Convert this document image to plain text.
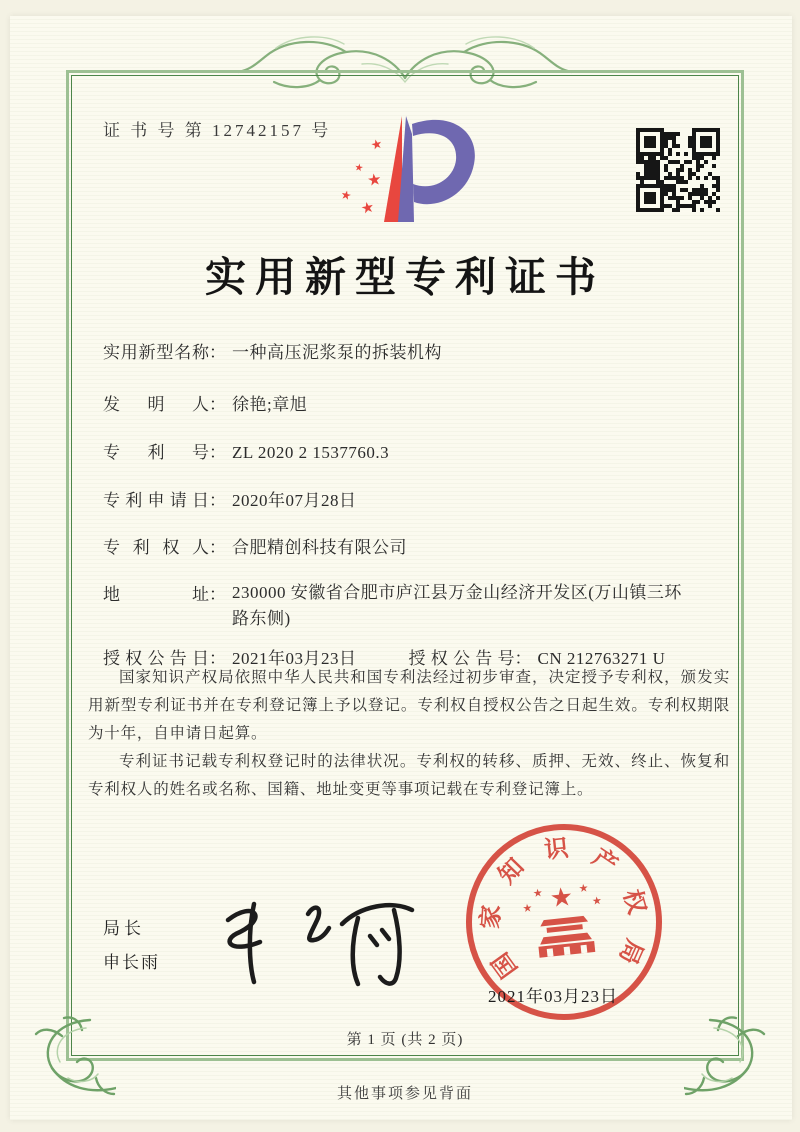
证 书 号 第 12742157 号
★
★
★
★
★
实用新型专利证书
实用新型名称： 一种高压泥浆泵的拆装机构
发明人： 徐艳;章旭
专利号： ZL 2020 2 1537760.3
专利申请日： 2020年07月28日
专利权人： 合肥精创科技有限公司
地址： 230000 安徽省合肥市庐江县万金山经济开发区(万山镇三环路东侧)
授权公告日： 2021年03月23日	授权公告号： CN 212763271 U

国家知识产权局依照中华人民共和国专利法经过初步审查，决定授予专利权，颁发实用新型专利证书并在专利登记簿上予以登记。专利权自授权公告之日起生效。专利权期限为十年，自申请日起算。

专利证书记载专利权登记时的法律状况。专利权的转移、质押、无效、终止、恢复和专利权人的姓名或名称、国籍、地址变更等事项记载在专利登记簿上。

局长
申长雨	国
家
知
识 产
权
局
★
★
★
★
★
2021年03月23日
第 1 页 (共 2 页)
其他事项参见背面
